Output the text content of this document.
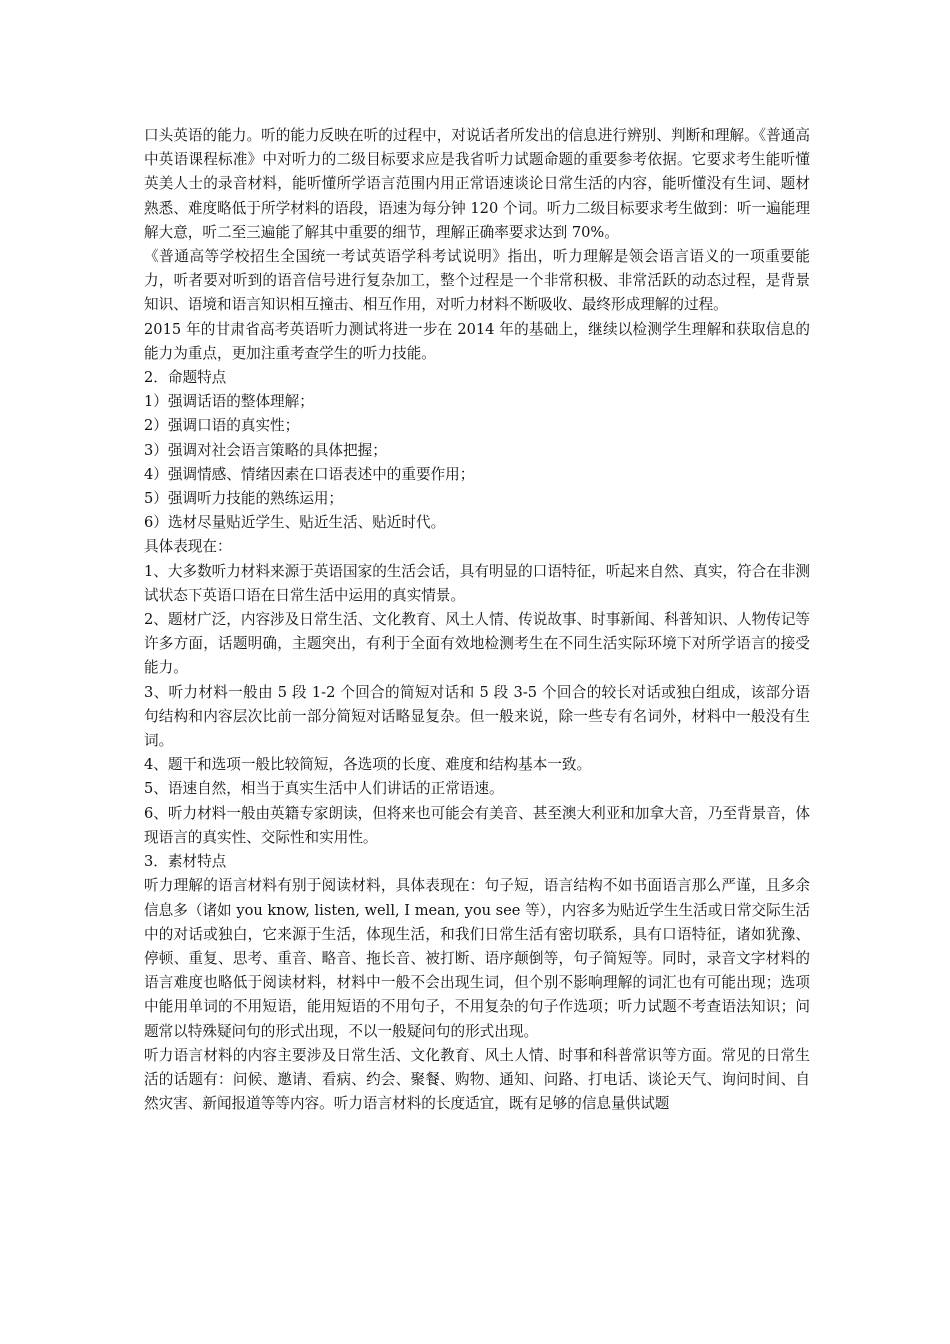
口头英语的能力。听的能力反映在听的过程中，对说话者所发出的信息进行辨别、判断和理解。《普通高中英语课程标准》中对听力的二级目标要求应是我省听力试题命题的重要参考依据。它要求考生能听懂英美人士的录音材料，能听懂所学语言范围内用正常语速谈论日常生活的内容，能听懂没有生词、题材熟悉、难度略低于所学材料的语段，语速为每分钟 120 个词。听力二级目标要求考生做到：听一遍能理解大意，听二至三遍能了解其中重要的细节，理解正确率要求达到 70%。

《普通高等学校招生全国统一考试英语学科考试说明》指出，听力理解是领会语言语义的一项重要能力，听者要对听到的语音信号进行复杂加工，整个过程是一个非常积极、非常活跃的动态过程，是背景知识、语境和语言知识相互撞击、相互作用，对听力材料不断吸收、最终形成理解的过程。

2015 年的甘肃省高考英语听力测试将进一步在 2014 年的基础上，继续以检测学生理解和获取信息的能力为重点，更加注重考查学生的听力技能。

2．命题特点

1）强调话语的整体理解；

2）强调口语的真实性；

3）强调对社会语言策略的具体把握；

4）强调情感、情绪因素在口语表述中的重要作用；

5）强调听力技能的熟练运用；

6）选材尽量贴近学生、贴近生活、贴近时代。

具体表现在：

1、大多数听力材料来源于英语国家的生活会话，具有明显的口语特征，听起来自然、真实，符合在非测试状态下英语口语在日常生活中运用的真实情景。

2、题材广泛，内容涉及日常生活、文化教育、风土人情、传说故事、时事新闻、科普知识、人物传记等许多方面，话题明确，主题突出，有利于全面有效地检测考生在不同生活实际环境下对所学语言的接受能力。

3、听力材料一般由 5 段 1-2 个回合的简短对话和 5 段 3-5 个回合的较长对话或独白组成，该部分语句结构和内容层次比前一部分简短对话略显复杂。但一般来说，除一些专有名词外，材料中一般没有生词。

4、题干和选项一般比较简短，各选项的长度、难度和结构基本一致。

5、语速自然，相当于真实生活中人们讲话的正常语速。

6、听力材料一般由英籍专家朗读，但将来也可能会有美音、甚至澳大利亚和加拿大音，乃至背景音，体现语言的真实性、交际性和实用性。

3．素材特点

听力理解的语言材料有别于阅读材料，具体表现在：句子短，语言结构不如书面语言那么严谨，且多余信息多（诸如 you know, listen, well, I mean, you see 等），内容多为贴近学生生活或日常交际生活中的对话或独白，它来源于生活，体现生活，和我们日常生活有密切联系，具有口语特征，诸如犹豫、停顿、重复、思考、重音、略音、拖长音、被打断、语序颠倒等，句子简短等。同时，录音文字材料的语言难度也略低于阅读材料，材料中一般不会出现生词，但个别不影响理解的词汇也有可能出现；选项中能用单词的不用短语，能用短语的不用句子，不用复杂的句子作选项；听力试题不考查语法知识；问题常以特殊疑问句的形式出现，不以一般疑问句的形式出现。

听力语言材料的内容主要涉及日常生活、文化教育、风土人情、时事和科普常识等方面。常见的日常生活的话题有：问候、邀请、看病、约会、聚餐、购物、通知、问路、打电话、谈论天气、询问时间、自然灾害、新闻报道等等内容。听力语言材料的长度适宜，既有足够的信息量供试题
